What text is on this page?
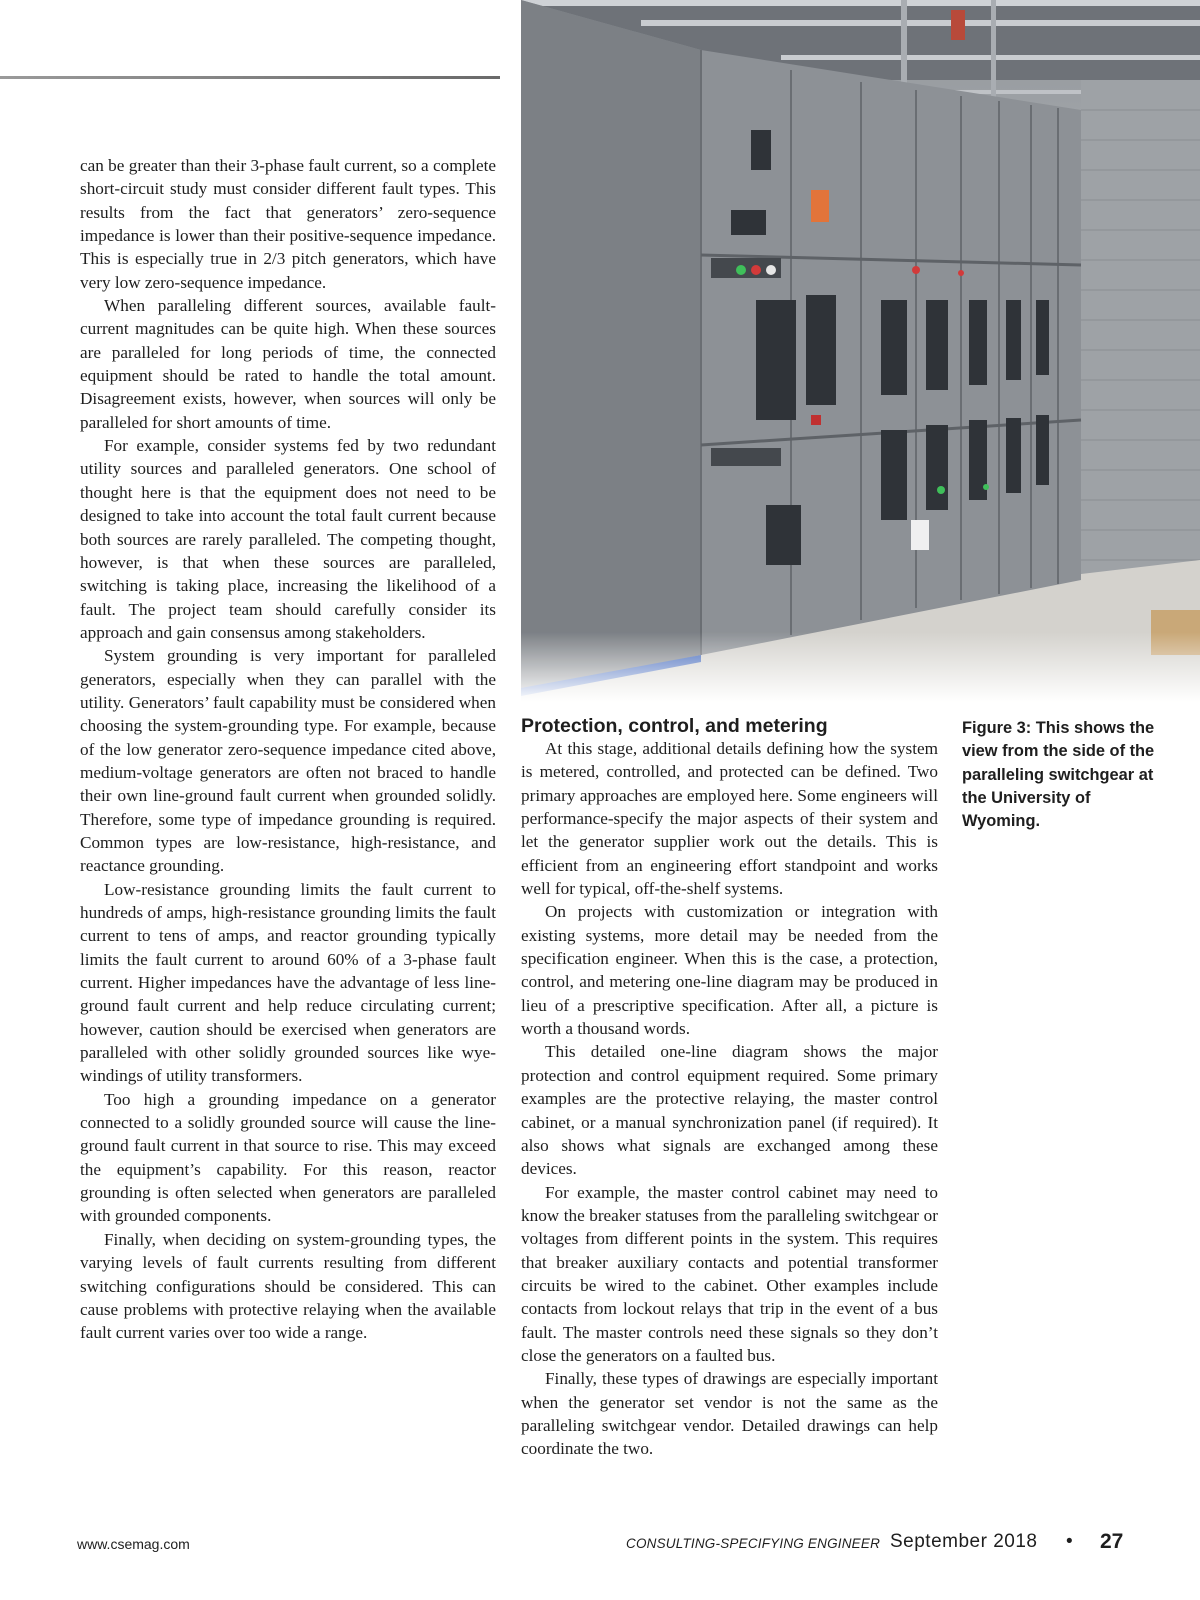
can be greater than their 3-phase fault current, so a complete short-circuit study must consider different fault types. This results from the fact that generators’ zero-sequence impedance is lower than their positive-sequence impedance. This is especially true in 2/3 pitch generators, which have very low zero-sequence impedance.

When paralleling different sources, available fault-current magnitudes can be quite high. When these sources are paralleled for long periods of time, the connected equipment should be rated to handle the total amount. Disagreement exists, however, when sources will only be paralleled for short amounts of time.

For example, consider systems fed by two redundant utility sources and paralleled generators. One school of thought here is that the equipment does not need to be designed to take into account the total fault current because both sources are rarely paralleled. The competing thought, however, is that when these sources are paralleled, switching is taking place, increasing the likelihood of a fault. The project team should carefully consider its approach and gain consensus among stakeholders.

System grounding is very important for paralleled generators, especially when they can parallel with the utility. Generators’ fault capability must be considered when choosing the system-grounding type. For example, because of the low generator zero-sequence impedance cited above, medium-voltage generators are often not braced to handle their own line-ground fault current when grounded solidly. Therefore, some type of impedance grounding is required. Common types are low-resistance, high-resistance, and reactance grounding.

Low-resistance grounding limits the fault current to hundreds of amps, high-resistance grounding limits the fault current to tens of amps, and reactor grounding typically limits the fault current to around 60% of a 3-phase fault current. Higher impedances have the advantage of less line-ground fault current and help reduce circulating current; however, caution should be exercised when generators are paralleled with other solidly grounded sources like wye-windings of utility transformers.

Too high a grounding impedance on a generator connected to a solidly grounded source will cause the line-ground fault current in that source to rise. This may exceed the equipment’s capability. For this reason, reactor grounding is often selected when generators are paralleled with grounded components.

Finally, when deciding on system-grounding types, the varying levels of fault currents resulting from different switching configurations should be considered. This can cause problems with protective relaying when the available fault current varies over too wide a range.

Protection, control, and metering

At this stage, additional details defining how the system is metered, controlled, and protected can be defined. Two primary approaches are employed here. Some engineers will performance-specify the major aspects of their system and let the generator supplier work out the details. This is efficient from an engineering effort standpoint and works well for typical, off-the-shelf systems.

On projects with customization or integration with existing systems, more detail may be needed from the specification engineer. When this is the case, a protection, control, and metering one-line diagram may be produced in lieu of a prescriptive specification. After all, a picture is worth a thousand words.

This detailed one-line diagram shows the major protection and control equipment required. Some primary examples are the protective relaying, the master control cabinet, or a manual synchronization panel (if required). It also shows what signals are exchanged among these devices.

For example, the master control cabinet may need to know the breaker statuses from the paralleling switchgear or voltages from different points in the system. This requires that breaker auxiliary contacts and potential transformer circuits be wired to the cabinet. Other examples include contacts from lockout relays that trip in the event of a bus fault. The master controls need these signals so they don’t close the generators on a faulted bus.

Finally, these types of drawings are especially important when the generator set vendor is not the same as the paralleling switchgear vendor. Detailed drawings can help coordinate the two.

Figure 3: This shows the view from the side of the paralleling switchgear at the University of Wyoming.
www.csemag.com	CONSULTING-SPECIFYING ENGINEER September 2018 • 27
